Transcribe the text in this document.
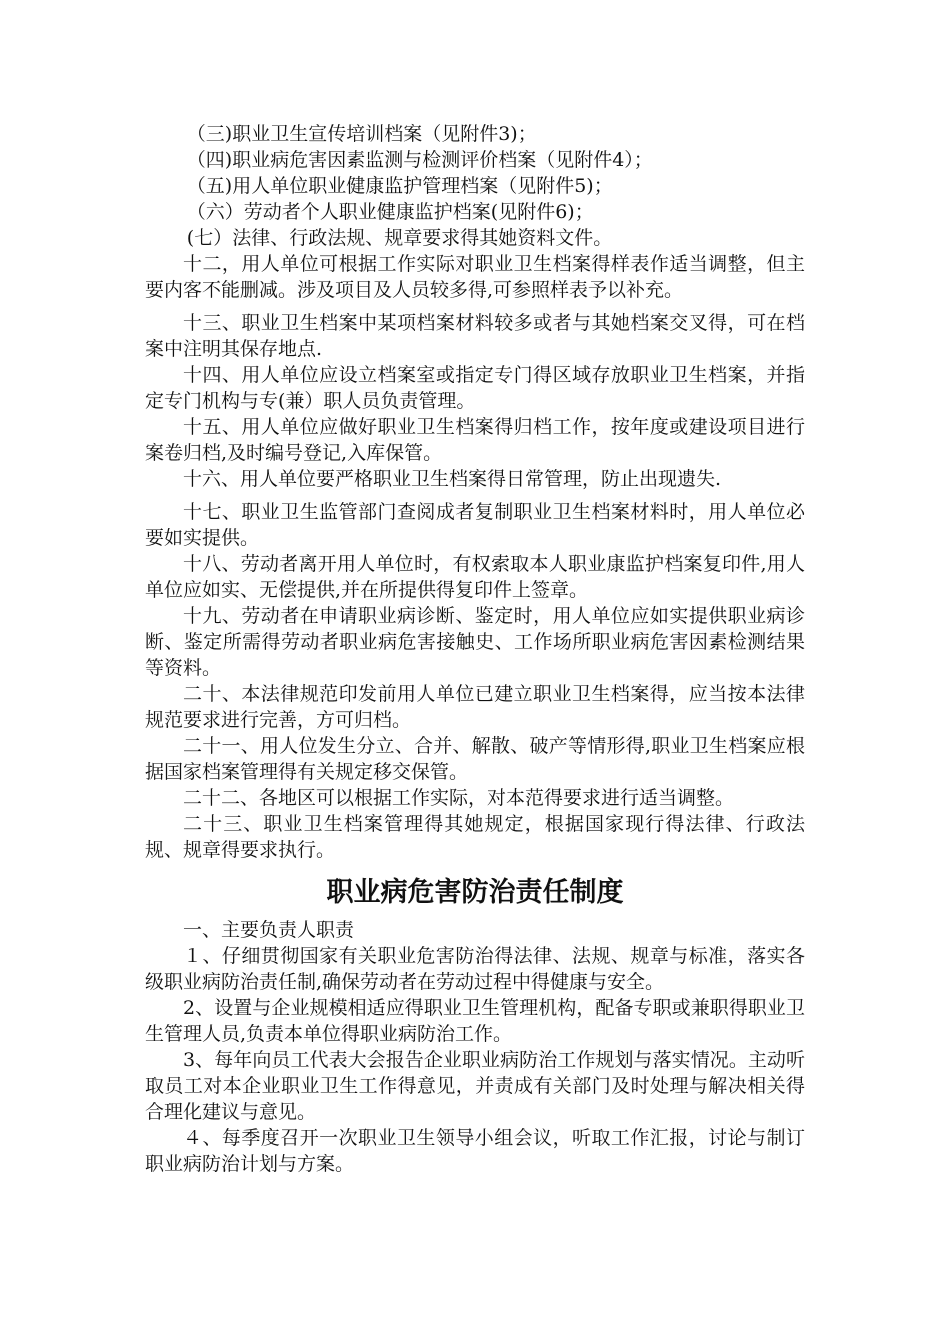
（三)职业卫生宣传培训档案（见附件3)；

（四)职业病危害因素监测与检测评价档案（见附件4）；

（五)用人单位职业健康监护管理档案（见附件5)；

（六）劳动者个人职业健康监护档案(见附件6)；

(七）法律、行政法规、规章要求得其她资料文件。

十二，用人单位可根据工作实际对职业卫生档案得样表作适当调整，但主要内客不能删减。涉及项目及人员较多得,可参照样表予以补充。

十三、职业卫生档案中某项档案材料较多或者与其她档案交叉得，可在档案中注明其保存地点.

十四、用人单位应设立档案室或指定专门得区域存放职业卫生档案，并指定专门机构与专(兼）职人员负责管理。

十五、用人单位应做好职业卫生档案得归档工作，按年度或建设项目进行案卷归档,及时编号登记,入库保管。

十六、用人单位要严格职业卫生档案得日常管理，防止出现遗失.

十七、职业卫生监管部门查阅成者复制职业卫生档案材料时，用人单位必要如实提供。

十八、劳动者离开用人单位时，有权索取本人职业康监护档案复印件,用人单位应如实、无偿提供,并在所提供得复印件上签章。

十九、劳动者在申请职业病诊断、鉴定时，用人单位应如实提供职业病诊断、鉴定所需得劳动者职业病危害接触史、工作场所职业病危害因素检测结果等资料。

二十、本法律规范印发前用人单位已建立职业卫生档案得，应当按本法律规范要求进行完善，方可归档。

二十一、用人位发生分立、合并、解散、破产等情形得,职业卫生档案应根据国家档案管理得有关规定移交保管。

二十二、各地区可以根据工作实际，对本范得要求进行适当调整。

二十三、职业卫生档案管理得其她规定，根据国家现行得法律、行政法规、规章得要求执行。

职业病危害防治责任制度

一、主要负责人职责

１、仔细贯彻国家有关职业危害防治得法律、法规、规章与标准，落实各级职业病防治责任制,确保劳动者在劳动过程中得健康与安全。

2、设置与企业规模相适应得职业卫生管理机构，配备专职或兼职得职业卫生管理人员,负责本单位得职业病防治工作。

3、每年向员工代表大会报告企业职业病防治工作规划与落实情况。主动听取员工对本企业职业卫生工作得意见，并责成有关部门及时处理与解决相关得合理化建议与意见。

４、每季度召开一次职业卫生领导小组会议，听取工作汇报，讨论与制订职业病防治计划与方案。
